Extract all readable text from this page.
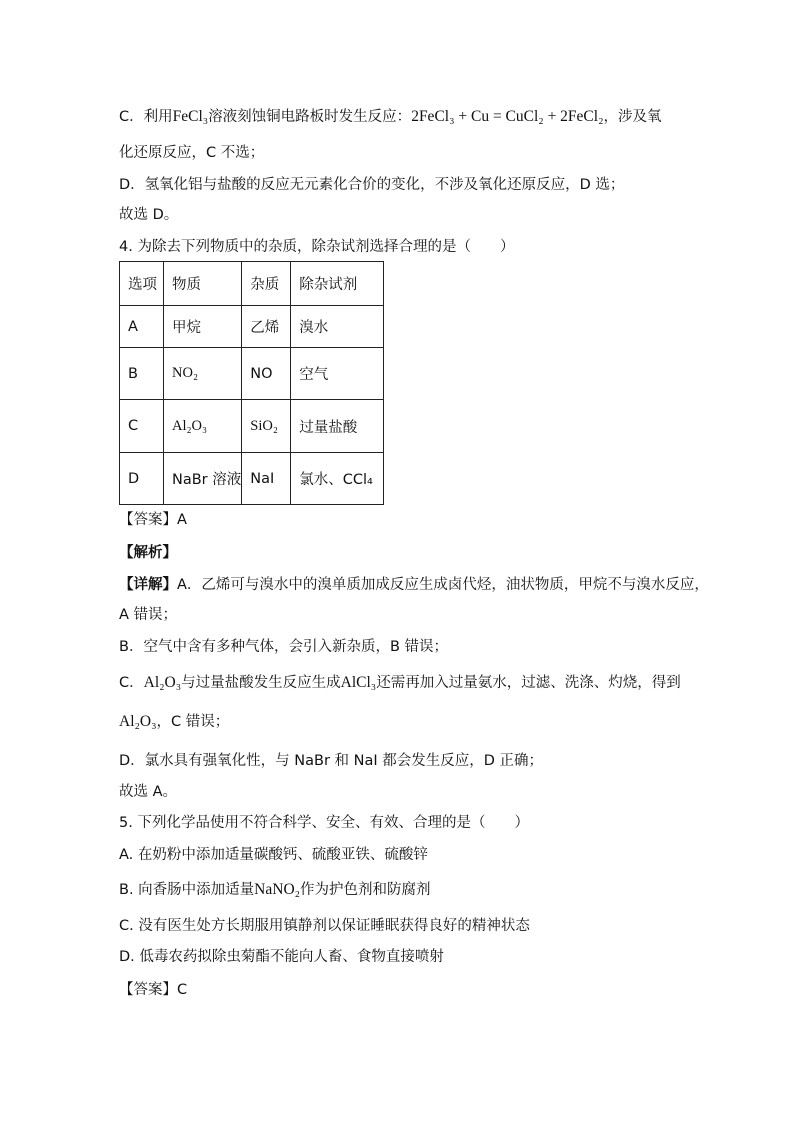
C．利用FeCl₃溶液刻蚀铜电路板时发生反应：2FeCl₃ + Cu = CuCl₂ + 2FeCl₂，涉及氧
化还原反应，C 不选；
D．氢氧化铝与盐酸的反应无元素化合价的变化，不涉及氧化还原反应，D 选；
故选 D。
4. 为除去下列物质中的杂质，除杂试剂选择合理的是（　　）
选项	物质	杂质	除杂试剂
A	甲烷	乙烯	溴水
B	NO₂	NO	空气
C	Al₂O₃	SiO₂	过量盐酸
D	NaBr 溶液	NaI	氯水、CCl₄
【答案】A
【解析】
【详解】A．乙烯可与溴水中的溴单质加成反应生成卤代烃，油状物质，甲烷不与溴水反应，
A 错误；
B．空气中含有多种气体，会引入新杂质，B 错误；
C．Al₂O₃与过量盐酸发生反应生成AlCl₃还需再加入过量氨水，过滤、洗涤、灼烧，得到
Al₂O₃，C 错误；
D．氯水具有强氧化性，与 NaBr 和 NaI 都会发生反应，D 正确；
故选 A。
5. 下列化学品使用不符合科学、安全、有效、合理的是（　　）
A. 在奶粉中添加适量碳酸钙、硫酸亚铁、硫酸锌
B. 向香肠中添加适量NaNO₂作为护色剂和防腐剂
C. 没有医生处方长期服用镇静剂以保证睡眠获得良好的精神状态
D. 低毒农药拟除虫菊酯不能向人畜、食物直接喷射
【答案】C
